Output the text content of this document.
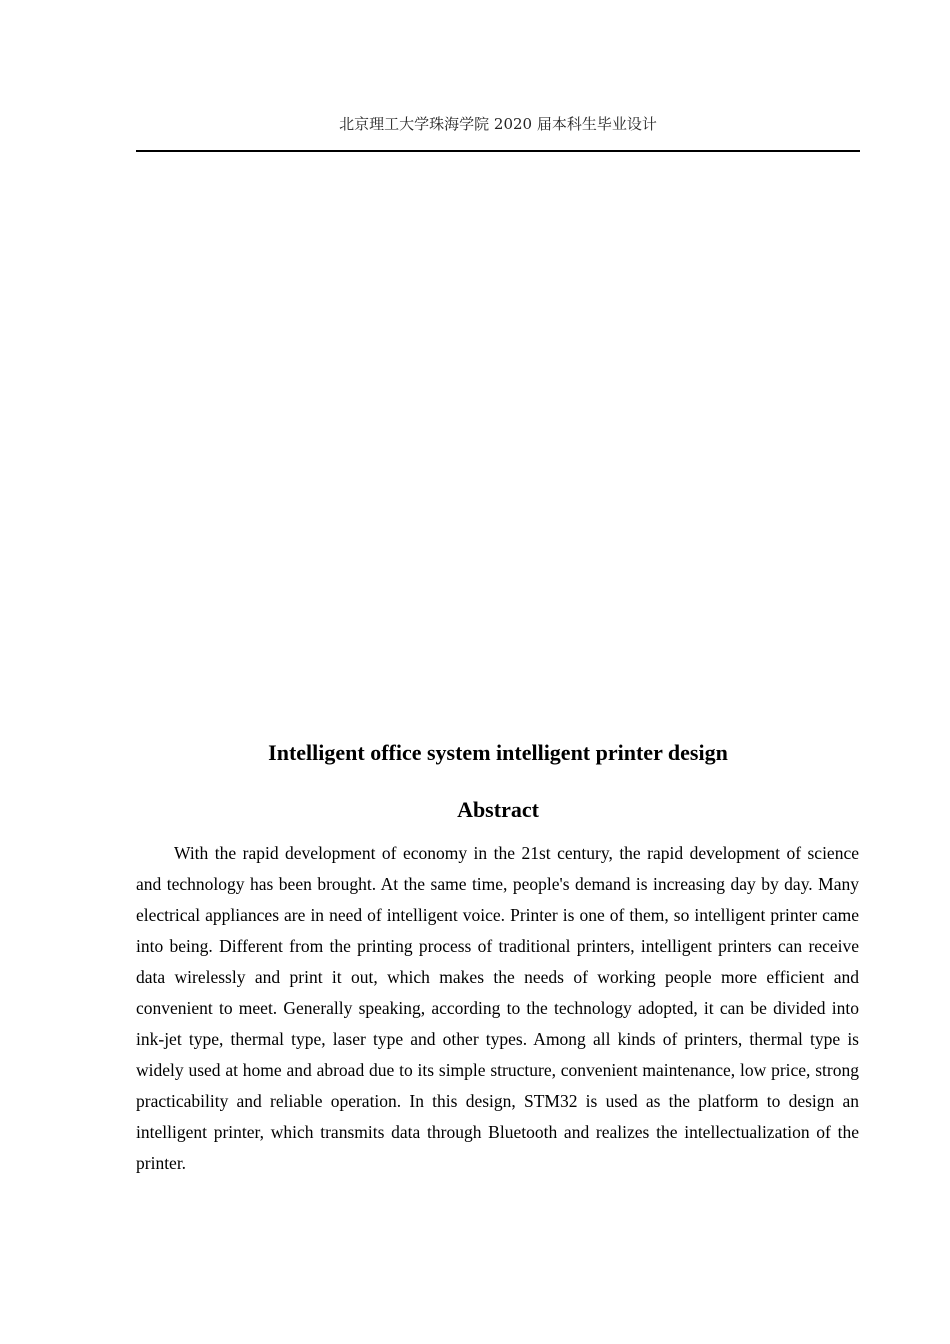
北京理工大学珠海学院 2020 届本科生毕业设计
Intelligent office system intelligent printer design
Abstract

With the rapid development of economy in the 21st century, the rapid development of science and technology has been brought. At the same time, people's demand is increasing day by day. Many electrical appliances are in need of intelligent voice. Printer is one of them, so intelligent printer came into being. Different from the printing process of traditional printers, intelligent printers can receive data wirelessly and print it out, which makes the needs of working people more efficient and convenient to meet. Generally speaking, according to the technology adopted, it can be divided into ink-jet type, thermal type, laser type and other types. Among all kinds of printers, thermal type is widely used at home and abroad due to its simple structure, convenient maintenance, low price, strong practicability and reliable operation. In this design, STM32 is used as the platform to design an intelligent printer, which transmits data through Bluetooth and realizes the intellectualization of the printer.
